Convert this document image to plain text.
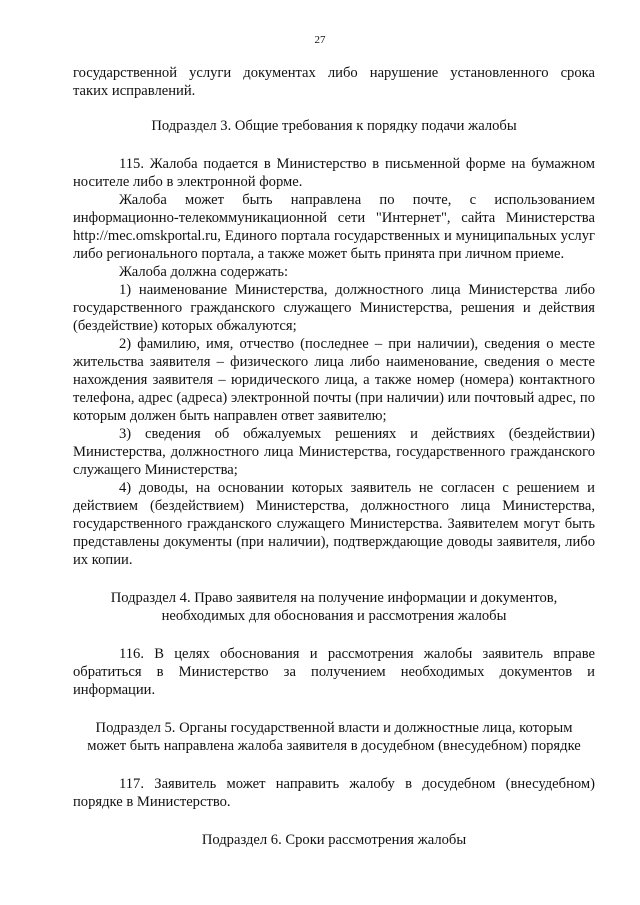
27

государственной услуги документах либо нарушение установленного срока

таких исправлений.

Подраздел 3. Общие требования к порядку подачи жалобы

115. Жалоба подается в Министерство в письменной форме на бумажном носителе либо в электронной форме.

Жалоба может быть направлена по почте, с использованием информационно-телекоммуникационной сети "Интернет", сайта Министерства http://mec.omskportal.ru, Единого портала государственных и муниципальных услуг либо регионального портала, а также может быть принята при личном приеме.

Жалоба должна содержать:

1) наименование Министерства, должностного лица Министерства либо государственного гражданского служащего Министерства, решения и действия (бездействие) которых обжалуются;

2) фамилию, имя, отчество (последнее – при наличии), сведения о месте жительства заявителя – физического лица либо наименование, сведения о месте нахождения заявителя – юридического лица, а также номер (номера) контактного телефона, адрес (адреса) электронной почты (при наличии) или почтовый адрес, по которым должен быть направлен ответ заявителю;

3) сведения об обжалуемых решениях и действиях (бездействии) Министерства, должностного лица Министерства, государственного гражданского служащего Министерства;

4) доводы, на основании которых заявитель не согласен с решением и действием (бездействием) Министерства, должностного лица Министерства, государственного гражданского служащего Министерства. Заявителем могут быть представлены документы (при наличии), подтверждающие доводы заявителя, либо их копии.

Подраздел 4. Право заявителя на получение информации и документов,

необходимых для обоснования и рассмотрения жалобы

116. В целях обоснования и рассмотрения жалобы заявитель вправе обратиться в Министерство за получением необходимых документов и информации.

Подраздел 5. Органы государственной власти и должностные лица, которым

может быть направлена жалоба заявителя в досудебном (внесудебном) порядке

117. Заявитель может направить жалобу в досудебном (внесудебном) порядке в Министерство.

Подраздел 6. Сроки рассмотрения жалобы
